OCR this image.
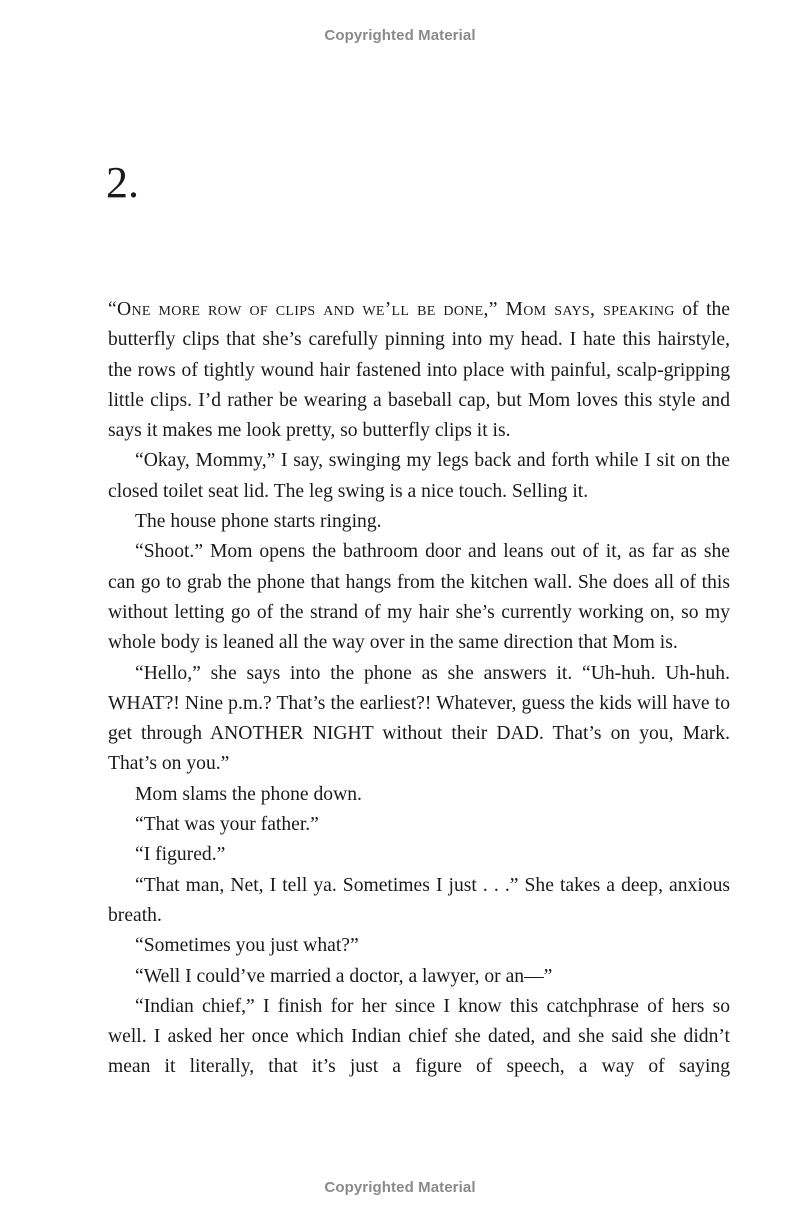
Copyrighted Material
2.

“One more row of clips and we’ll be done,” Mom says, speaking of the butterfly clips that she’s carefully pinning into my head. I hate this hairstyle, the rows of tightly wound hair fastened into place with painful, scalp-gripping little clips. I’d rather be wearing a baseball cap, but Mom loves this style and says it makes me look pretty, so butterfly clips it is.

“Okay, Mommy,” I say, swinging my legs back and forth while I sit on the closed toilet seat lid. The leg swing is a nice touch. Selling it.

The house phone starts ringing.

“Shoot.” Mom opens the bathroom door and leans out of it, as far as she can go to grab the phone that hangs from the kitchen wall. She does all of this without letting go of the strand of my hair she’s currently working on, so my whole body is leaned all the way over in the same direction that Mom is.

“Hello,” she says into the phone as she answers it. “Uh-huh. Uh-huh. WHAT?! Nine p.m.? That’s the earliest?! Whatever, guess the kids will have to get through ANOTHER NIGHT without their DAD. That’s on you, Mark. That’s on you.”

Mom slams the phone down.

“That was your father.”

“I figured.”

“That man, Net, I tell ya. Sometimes I just . . .” She takes a deep, anxious breath.

“Sometimes you just what?”

“Well I could’ve married a doctor, a lawyer, or an—”

“Indian chief,” I finish for her since I know this catchphrase of hers so well. I asked her once which Indian chief she dated, and she said she didn’t mean it literally, that it’s just a figure of speech, a way of saying

Copyrighted Material
